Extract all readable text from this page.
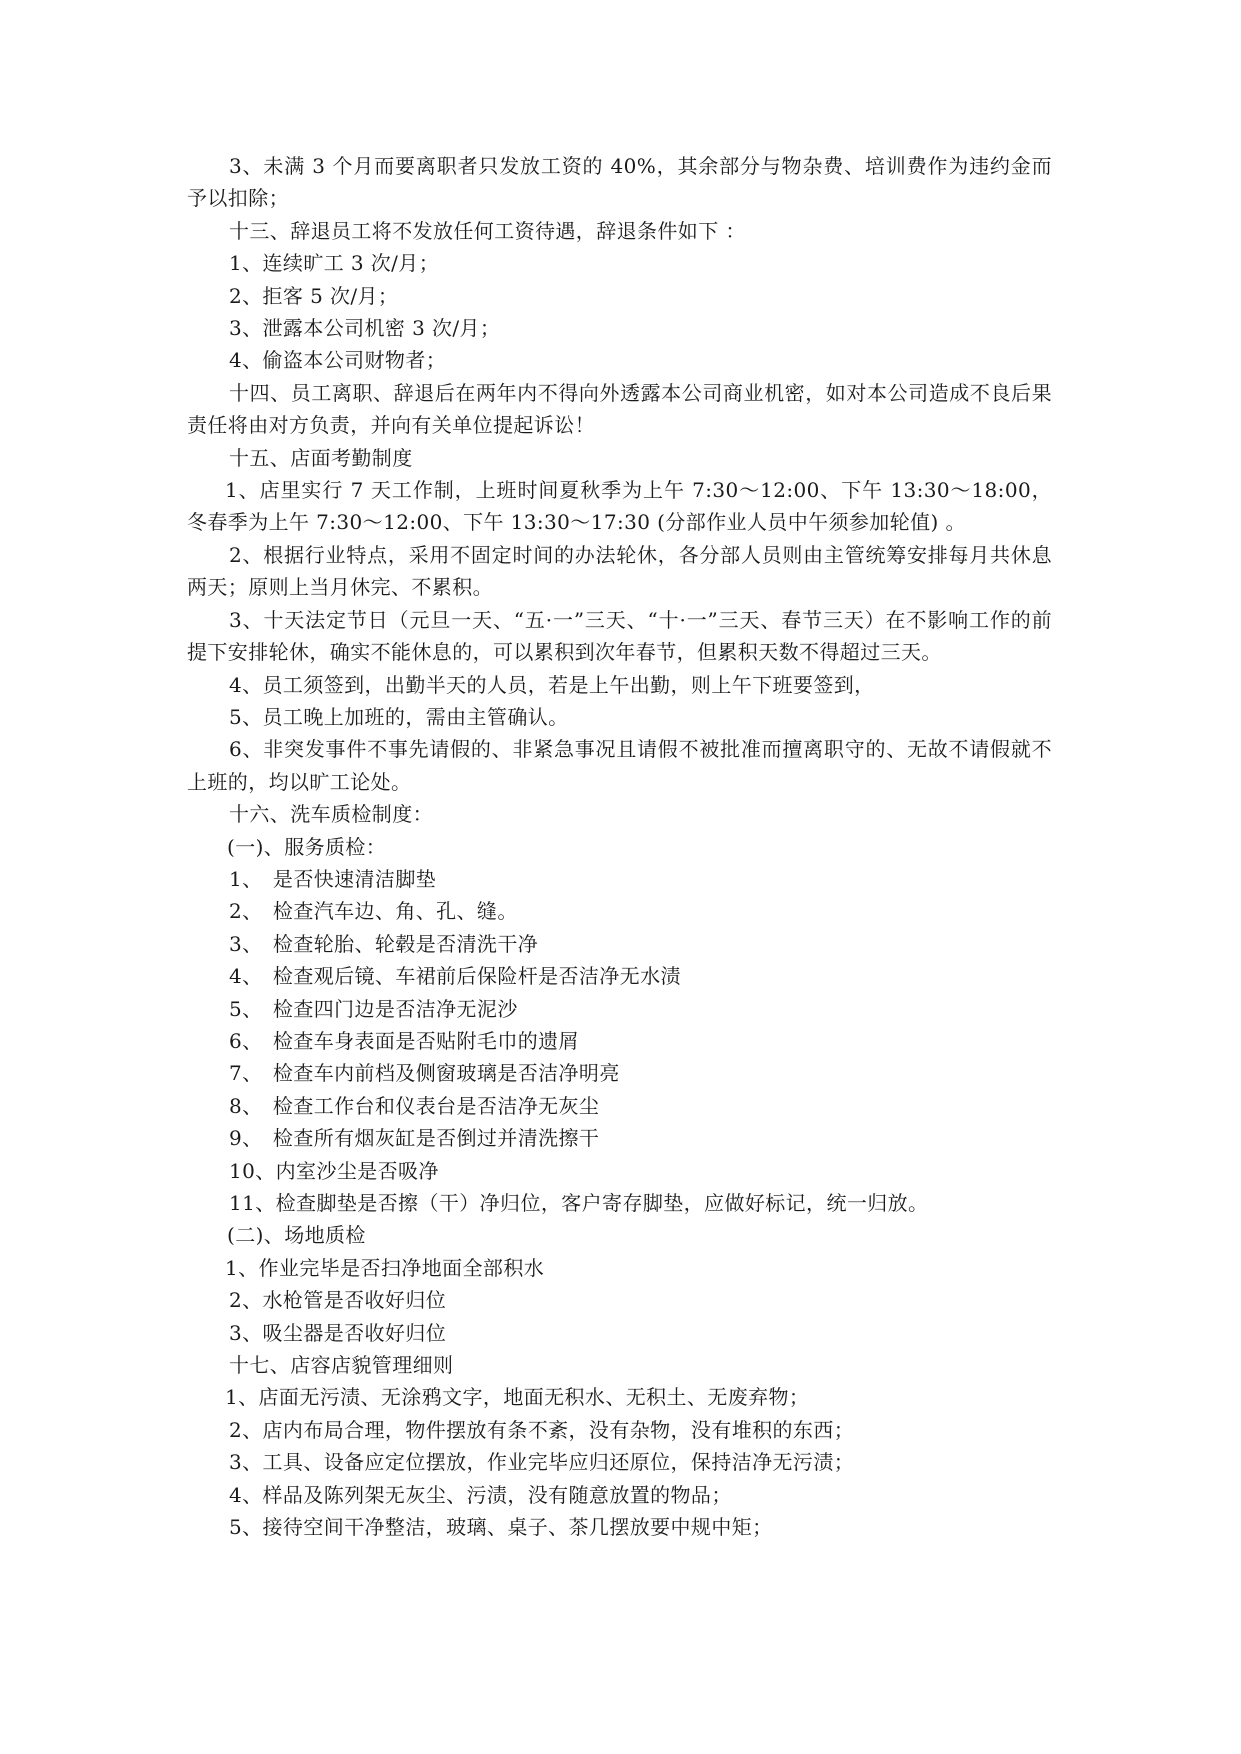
3、未满 3 个月而要离职者只发放工资的 40%，其余部分与物杂费、培训费作为违约金而予以扣除；

十三、辞退员工将不发放任何工资待遇，辞退条件如下 ：

1、连续旷工 3 次/月；

2、拒客 5 次/月；

3、泄露本公司机密 3 次/月；

4、偷盗本公司财物者；

十四、员工离职、辞退后在两年内不得向外透露本公司商业机密，如对本公司造成不良后果责任将由对方负责，并向有关单位提起诉讼！

十五、店面考勤制度

1、店里实行 7 天工作制，上班时间夏秋季为上午 7:30～12:00、下午 13:30～18:00，冬春季为上午 7:30～12:00、下午 13:30～17:30 (分部作业人员中午须参加轮值) 。

2、根据行业特点，采用不固定时间的办法轮休，各分部人员则由主管统筹安排每月共休息两天；原则上当月休完、不累积。

3、十天法定节日（元旦一天、“五·一”三天、“十·一”三天、春节三天）在不影响工作的前提下安排轮休，确实不能休息的，可以累积到次年春节，但累积天数不得超过三天。

4、员工须签到，出勤半天的人员，若是上午出勤，则上午下班要签到，

5、员工晚上加班的，需由主管确认。

6、非突发事件不事先请假的、非紧急事况且请假不被批准而擅离职守的、无故不请假就不上班的，均以旷工论处。

十六、洗车质检制度：

(一)、服务质检：

1、　是否快速清洁脚垫

2、　检查汽车边、角、孔、缝。

3、　检查轮胎、轮毂是否清洗干净

4、　检查观后镜、车裙前后保险杆是否洁净无水渍

5、　检查四门边是否洁净无泥沙

6、　检查车身表面是否贴附毛巾的遗屑

7、　检查车内前档及侧窗玻璃是否洁净明亮

8、　检查工作台和仪表台是否洁净无灰尘

9、　检查所有烟灰缸是否倒过并清洗擦干

10、内室沙尘是否吸净

11、检查脚垫是否擦（干）净归位，客户寄存脚垫，应做好标记，统一归放。

(二)、场地质检

1、作业完毕是否扫净地面全部积水

2、水枪管是否收好归位

3、吸尘器是否收好归位

十七、店容店貌管理细则

1、店面无污渍、无涂鸦文字，地面无积水、无积土、无废弃物；

2、店内布局合理，物件摆放有条不紊，没有杂物，没有堆积的东西；

3、工具、设备应定位摆放，作业完毕应归还原位，保持洁净无污渍；

4、样品及陈列架无灰尘、污渍，没有随意放置的物品；

5、接待空间干净整洁，玻璃、桌子、茶几摆放要中规中矩；
